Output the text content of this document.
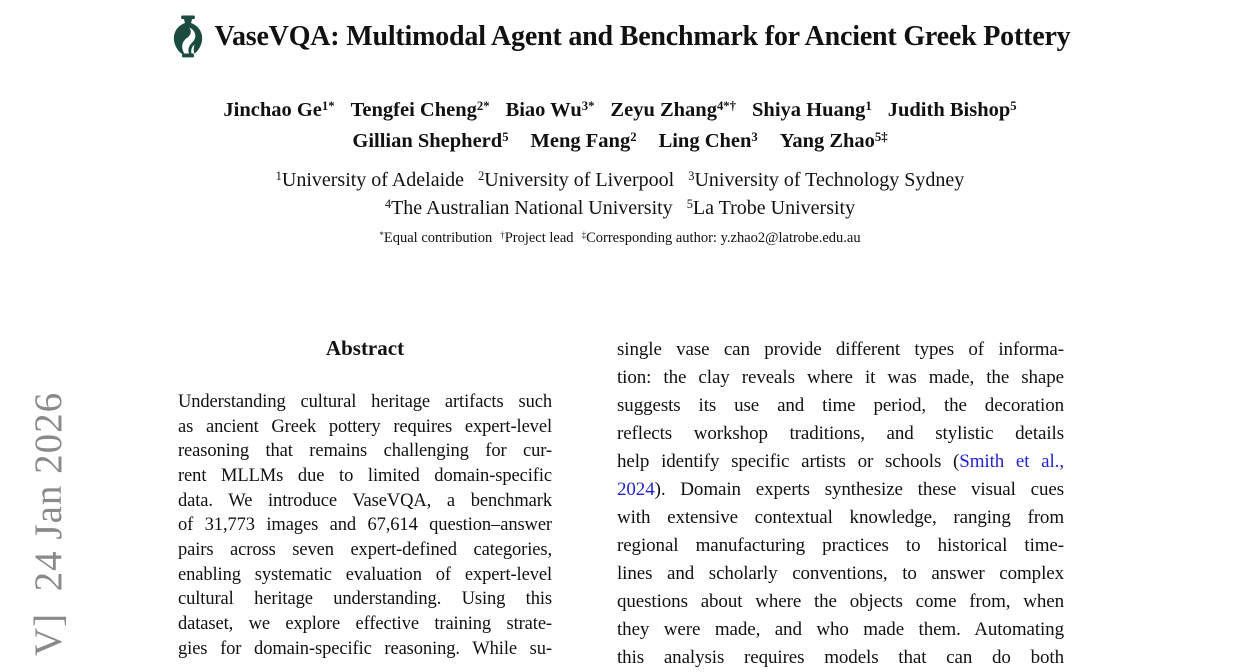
V]  24 Jan 2026
VaseVQA: Multimodal Agent and Benchmark for Ancient Greek Pottery
Jinchao $Ge^{1*}$ Tengfei Cheng$^{2*}$ Biao $Wu^{3*}$ Zeyu Zhang$^{4*\dagger}$ Shiya Huang$^1$ Judith Bishop$^5$
Gillian Shepherd$^5$ Meng Fang$^2$ Ling Chen$^3$ Yang Zhao$^{5\ddagger}$
$^1$University of Adelaide $^2$University of Liverpool $^3$University of Technology Sydney
$^4$The Australian National University $^5$La Trobe University
*Equal contribution †Project lead ‡Corresponding author: y.zhao2@latrobe.edu.au
Abstract
Understanding cultural heritage artifacts such
as ancient Greek pottery requires expert-level
reasoning that remains challenging for cur-
rent MLLMs due to limited domain-specific
data. We introduce VaseVQA, a benchmark
of 31,773 images and 67,614 question–answer
pairs across seven expert-defined categories,
enabling systematic evaluation of expert-level
cultural heritage understanding. Using this
dataset, we explore effective training strate-
gies for domain-specific reasoning. While su-
single vase can provide different types of informa-
tion: the clay reveals where it was made, the shape
suggests its use and time period, the decoration
reflects workshop traditions, and stylistic details
help identify specific artists or schools (Smith et al.,
2024). Domain experts synthesize these visual cues
with extensive contextual knowledge, ranging from
regional manufacturing practices to historical time-
lines and scholarly conventions, to answer complex
questions about where the objects come from, when
they were made, and who made them. Automating
this analysis requires models that can do both
